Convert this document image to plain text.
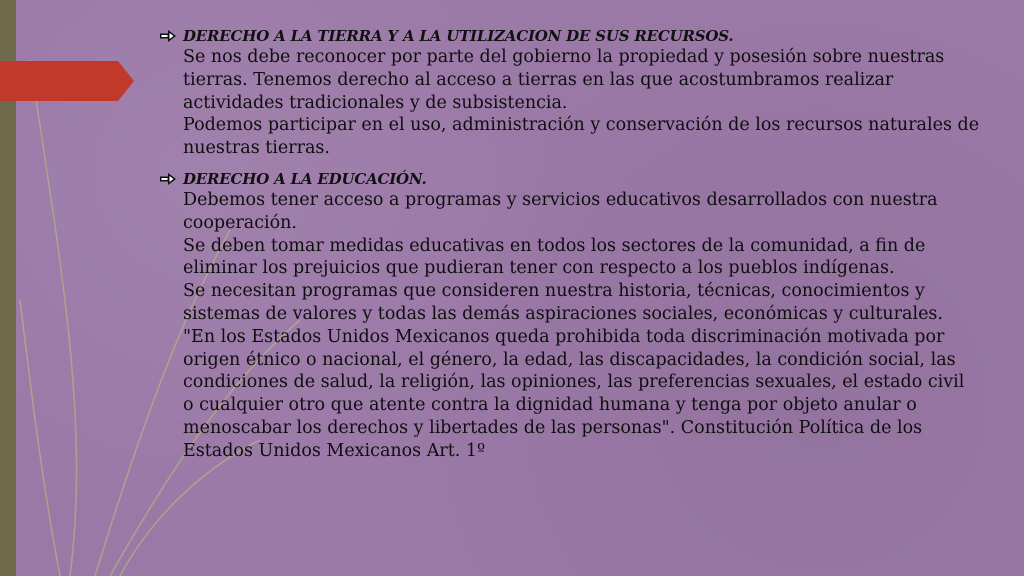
DERECHO A LA TIERRA Y A LA UTILIZACION DE SUS RECURSOS.
Se nos debe reconocer por parte del gobierno la propiedad y posesión sobre nuestras tierras. Tenemos derecho al acceso a tierras en las que acostumbramos realizar actividades tradicionales y de subsistencia.
Podemos participar en el uso, administración y conservación de los recursos naturales de nuestras tierras.
DERECHO A LA EDUCACIÓN.
Debemos tener acceso a programas y servicios educativos desarrollados con nuestra cooperación.
Se deben tomar medidas educativas en todos los sectores de la comunidad, a fin de eliminar los prejuicios que pudieran tener con respecto a los pueblos indígenas.
Se necesitan programas que consideren nuestra historia, técnicas, conocimientos y sistemas de valores y todas las demás aspiraciones sociales, económicas y culturales.
"En los Estados Unidos Mexicanos queda prohibida toda discriminación motivada por origen étnico o nacional, el género, la edad, las discapacidades, la condición social, las condiciones de salud, la religión, las opiniones, las preferencias sexuales, el estado civil o cualquier otro que atente contra la dignidad humana y tenga por objeto anular o menoscabar los derechos y libertades de las personas". Constitución Política de los Estados Unidos Mexicanos Art. 1º
